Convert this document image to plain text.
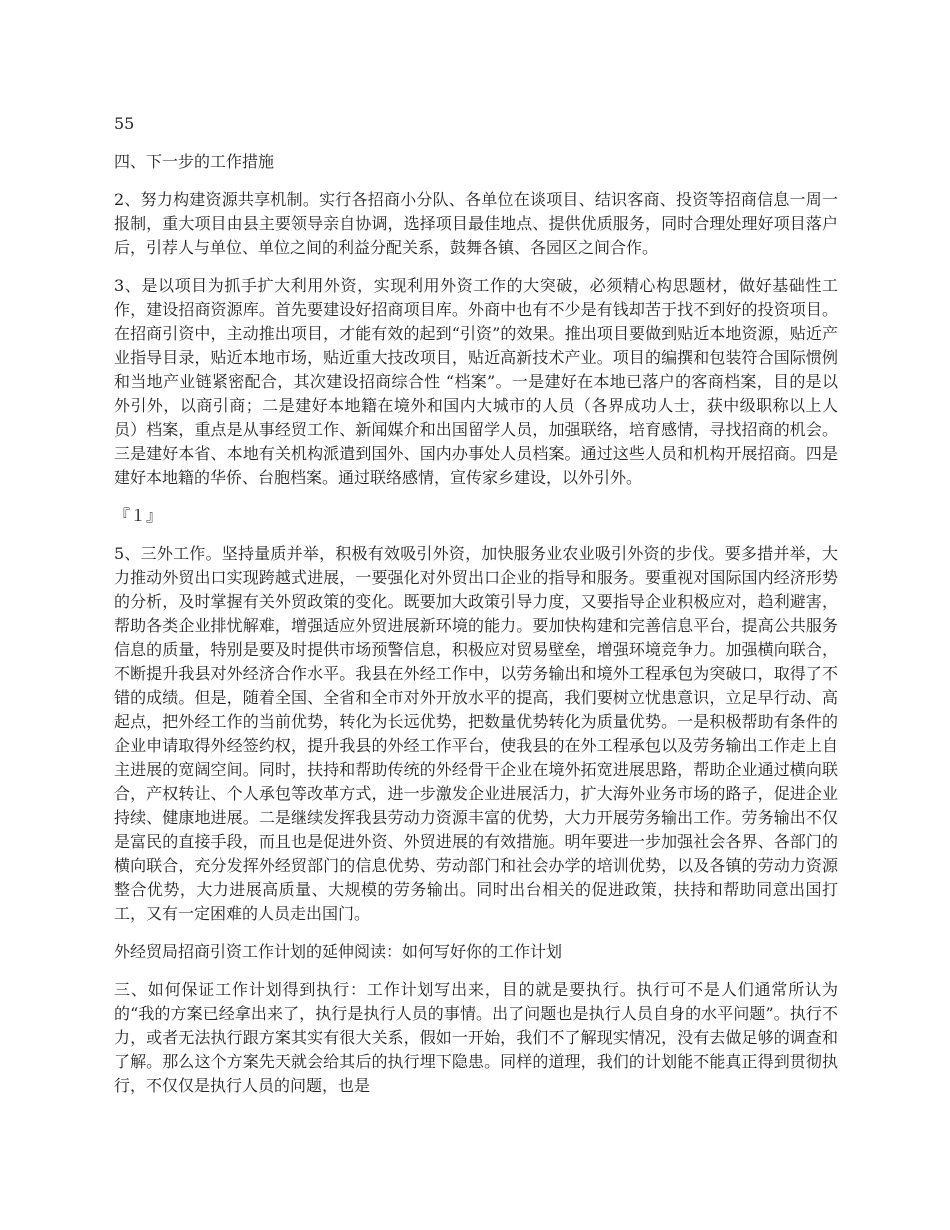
55

四、下一步的工作措施

2、努力构建资源共享机制。实行各招商小分队、各单位在谈项目、结识客商、投资等招商信息一周一报制，重大项目由县主要领导亲自协调，选择项目最佳地点、提供优质服务，同时合理处理好项目落户后，引荐人与单位、单位之间的利益分配关系，鼓舞各镇、各园区之间合作。

3、是以项目为抓手扩大利用外资，实现利用外资工作的大突破，必须精心构思题材，做好基础性工作，建设招商资源库。首先要建设好招商项目库。外商中也有不少是有钱却苦于找不到好的投资项目。在招商引资中，主动推出项目，才能有效的起到“引资”的效果。推出项目要做到贴近本地资源，贴近产业指导目录，贴近本地市场，贴近重大技改项目，贴近高新技术产业。项目的编撰和包装符合国际惯例和当地产业链紧密配合，其次建设招商综合性 “档案”。一是建好在本地已落户的客商档案，目的是以外引外，以商引商；二是建好本地籍在境外和国内大城市的人员（各界成功人士，获中级职称以上人员）档案，重点是从事经贸工作、新闻媒介和出国留学人员，加强联络，培育感情，寻找招商的机会。三是建好本省、本地有关机构派遣到国外、国内办事处人员档案。通过这些人员和机构开展招商。四是建好本地籍的华侨、台胞档案。通过联络感情，宣传家乡建设，以外引外。

『１』

5、三外工作。坚持量质并举，积极有效吸引外资，加快服务业农业吸引外资的步伐。要多措并举，大力推动外贸出口实现跨越式进展，一要强化对外贸出口企业的指导和服务。要重视对国际国内经济形势的分析，及时掌握有关外贸政策的变化。既要加大政策引导力度，又要指导企业积极应对，趋利避害，帮助各类企业排忧解难，增强适应外贸进展新环境的能力。要加快构建和完善信息平台，提高公共服务信息的质量，特别是要及时提供市场预警信息，积极应对贸易壁垒，增强环境竞争力。加强横向联合，不断提升我县对外经济合作水平。我县在外经工作中，以劳务输出和境外工程承包为突破口，取得了不错的成绩。但是，随着全国、全省和全市对外开放水平的提高，我们要树立忧患意识，立足早行动、高起点，把外经工作的当前优势，转化为长远优势，把数量优势转化为质量优势。一是积极帮助有条件的企业申请取得外经签约权，提升我县的外经工作平台，使我县的在外工程承包以及劳务输出工作走上自主进展的宽阔空间。同时，扶持和帮助传统的外经骨干企业在境外拓宽进展思路，帮助企业通过横向联合，产权转让、个人承包等改革方式，进一步激发企业进展活力，扩大海外业务市场的路子，促进企业持续、健康地进展。二是继续发挥我县劳动力资源丰富的优势，大力开展劳务输出工作。劳务输出不仅是富民的直接手段，而且也是促进外资、外贸进展的有效措施。明年要进一步加强社会各界、各部门的横向联合，充分发挥外经贸部门的信息优势、劳动部门和社会办学的培训优势，以及各镇的劳动力资源整合优势，大力进展高质量、大规模的劳务输出。同时出台相关的促进政策，扶持和帮助同意出国打工，又有一定困难的人员走出国门。

外经贸局招商引资工作计划的延伸阅读：如何写好你的工作计划

三、如何保证工作计划得到执行：工作计划写出来，目的就是要执行。执行可不是人们通常所认为的“我的方案已经拿出来了，执行是执行人员的事情。出了问题也是执行人员自身的水平问题”。执行不力，或者无法执行跟方案其实有很大关系，假如一开始，我们不了解现实情况，没有去做足够的调查和了解。那么这个方案先天就会给其后的执行埋下隐患。同样的道理，我们的计划能不能真正得到贯彻执行，不仅仅是执行人员的问题，也是
